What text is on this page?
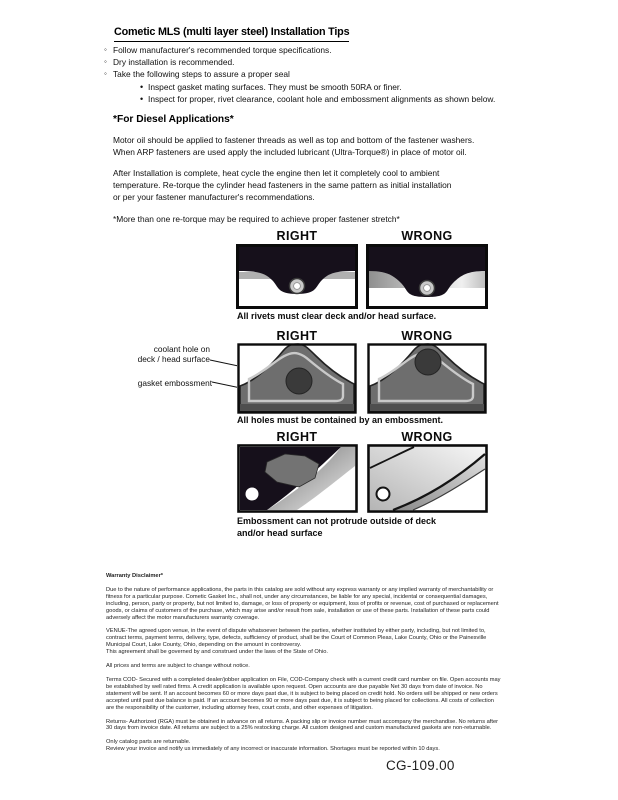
Cometic MLS (multi layer steel) Installation Tips
◦ Follow manufacturer's recommended torque specifications.
◦ Dry installation is recommended.
◦ Take the following steps to assure a proper seal
• Inspect gasket mating surfaces. They must be smooth 50RA or finer.
• Inspect for proper, rivet clearance, coolant hole and embossment alignments as shown below.
*For Diesel Applications*
Motor oil should be applied to fastener threads as well as top and bottom of the fastener washers.
When ARP fasteners are used apply the included lubricant (Ultra-Torque®) in place of motor oil.
After Installation is complete, heat cycle the engine then let it completely cool to ambient
temperature. Re-torque the cylinder head fasteners in the same pattern as initial installation
or per your fastener manufacturer's recommendations.
*More than one re-torque may be required to achieve proper fastener stretch*
RIGHT	WRONG
All rivets must clear deck and/or head surface.
RIGHT	WRONG
coolant hole on
deck / head surface
gasket embossment
All holes must be contained by an embossment.
RIGHT	WRONG
Embossment can not protrude outside of deck
and/or head surface

Warranty Disclaimer*

Due to the nature of performance applications, the parts in this catalog are sold without any express warranty or any implied warranty of merchantability or
fitness for a particular purpose. Cometic Gasket Inc., shall not, under any circumstances, be liable for any special, incidental or consequential damages,
including, person, party or property, but not limited to, damage, or loss of property or equipment, loss of profits or revenue, cost of purchased or replacement
goods, or claims of customers of the purchase, which may arise and/or result from sale, installation or use of these parts. Installation of these parts could
adversely affect the motor manufacturers warranty coverage.
VENUE-The agreed upon venue, in the event of dispute whatsoever between the parties, whether instituted by either party, including, but not limited to,
contract terms, payment terms, delivery, type, defects, sufficiency of product, shall be the Court of Common Pleas, Lake County, Ohio or the Painesville
Municipal Court, Lake County, Ohio, depending on the amount in controversy.
This agreement shall be governed by and construed under the laws of the State of Ohio.
All prices and terms are subject to change without notice.
Terms COD- Secured with a completed dealer/jobber application on File, COD-Company check with a current credit card number on file. Open accounts may
be established by well rated firms. A credit application is available upon request. Open accounts are due payable Net 30 days from date of invoice. No
statement will be sent. If an account becomes 60 or more days past due, it is subject to being placed on credit hold. No orders will be shipped or new orders
accepted until past due balance is paid. If an account becomes 90 or more days past due, it is subject to being placed for collections. All costs of collection
are the responsibility of the customer, including attorney fees, court costs, and other expenses of litigation.
Returns- Authorized (RGA) must be obtained in advance on all returns. A packing slip or invoice number must accompany the merchandise. No returns after
30 days from invoice date. All returns are subject to a 25% restocking charge. All custom designed and custom manufactured gaskets are non-returnable.
Only catalog parts are returnable.
Review your invoice and notify us immediately of any incorrect or inaccurate information. Shortages must be reported within 10 days.
CG-109.00
